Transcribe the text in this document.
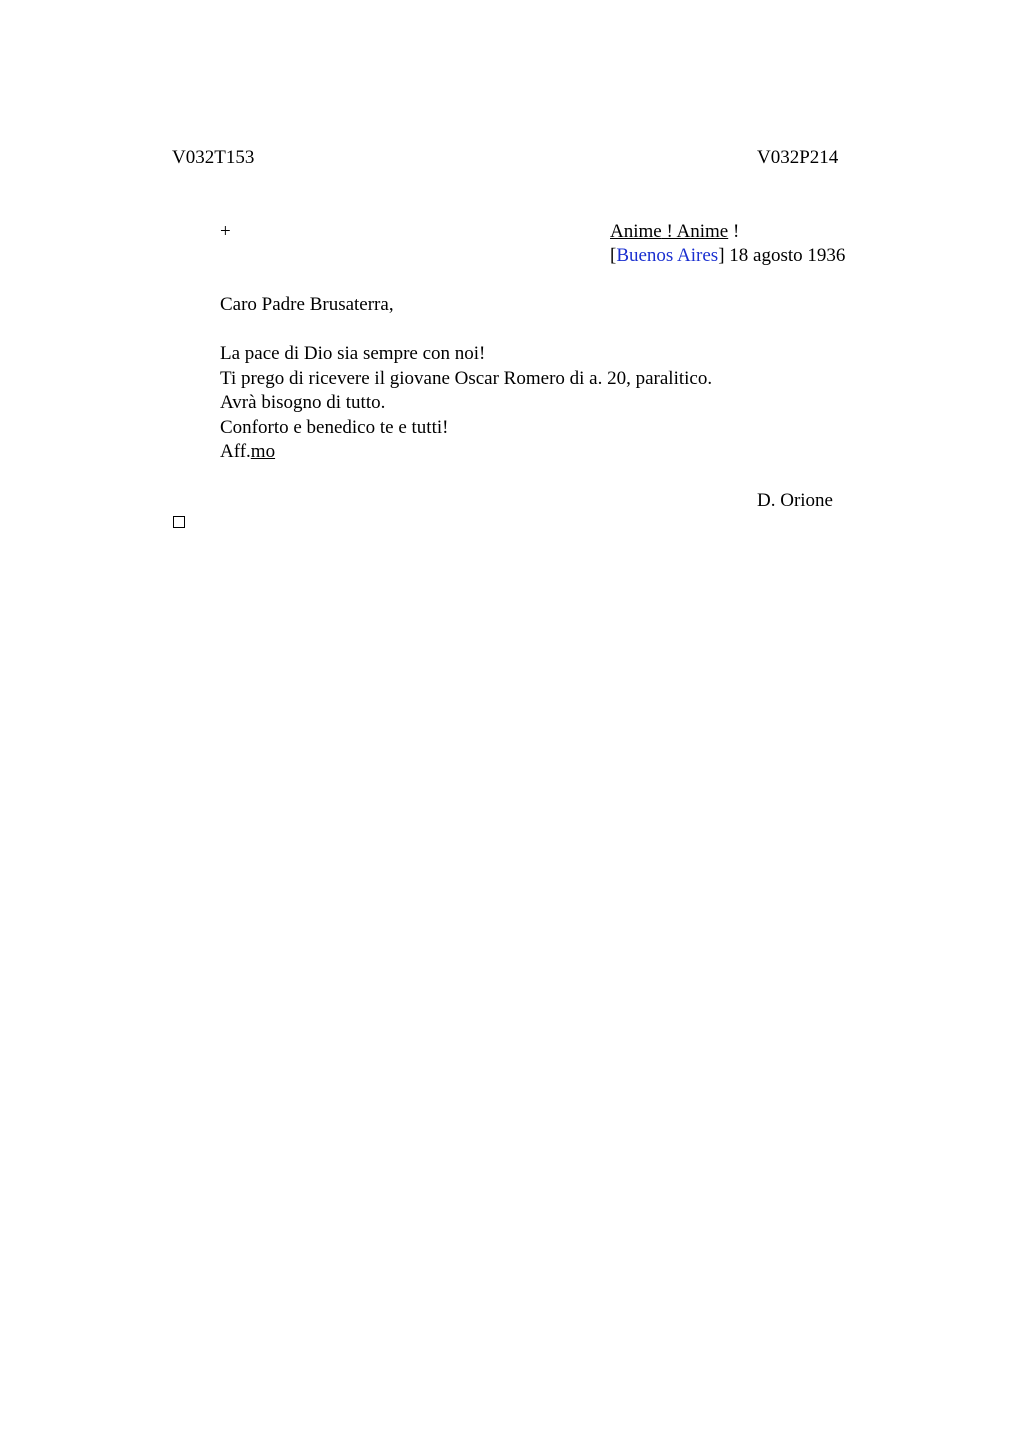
V032T153	V032P214
+	Anime ! Anime !
[Buenos Aires] 18 agosto 1936
Caro Padre Brusaterra,
La pace di Dio sia sempre con noi!
Ti prego di ricevere il giovane Oscar Romero di a. 20, paralitico.
Avrà bisogno di tutto.
Conforto e benedico te e tutti!
Aff.mo
D. Orione
